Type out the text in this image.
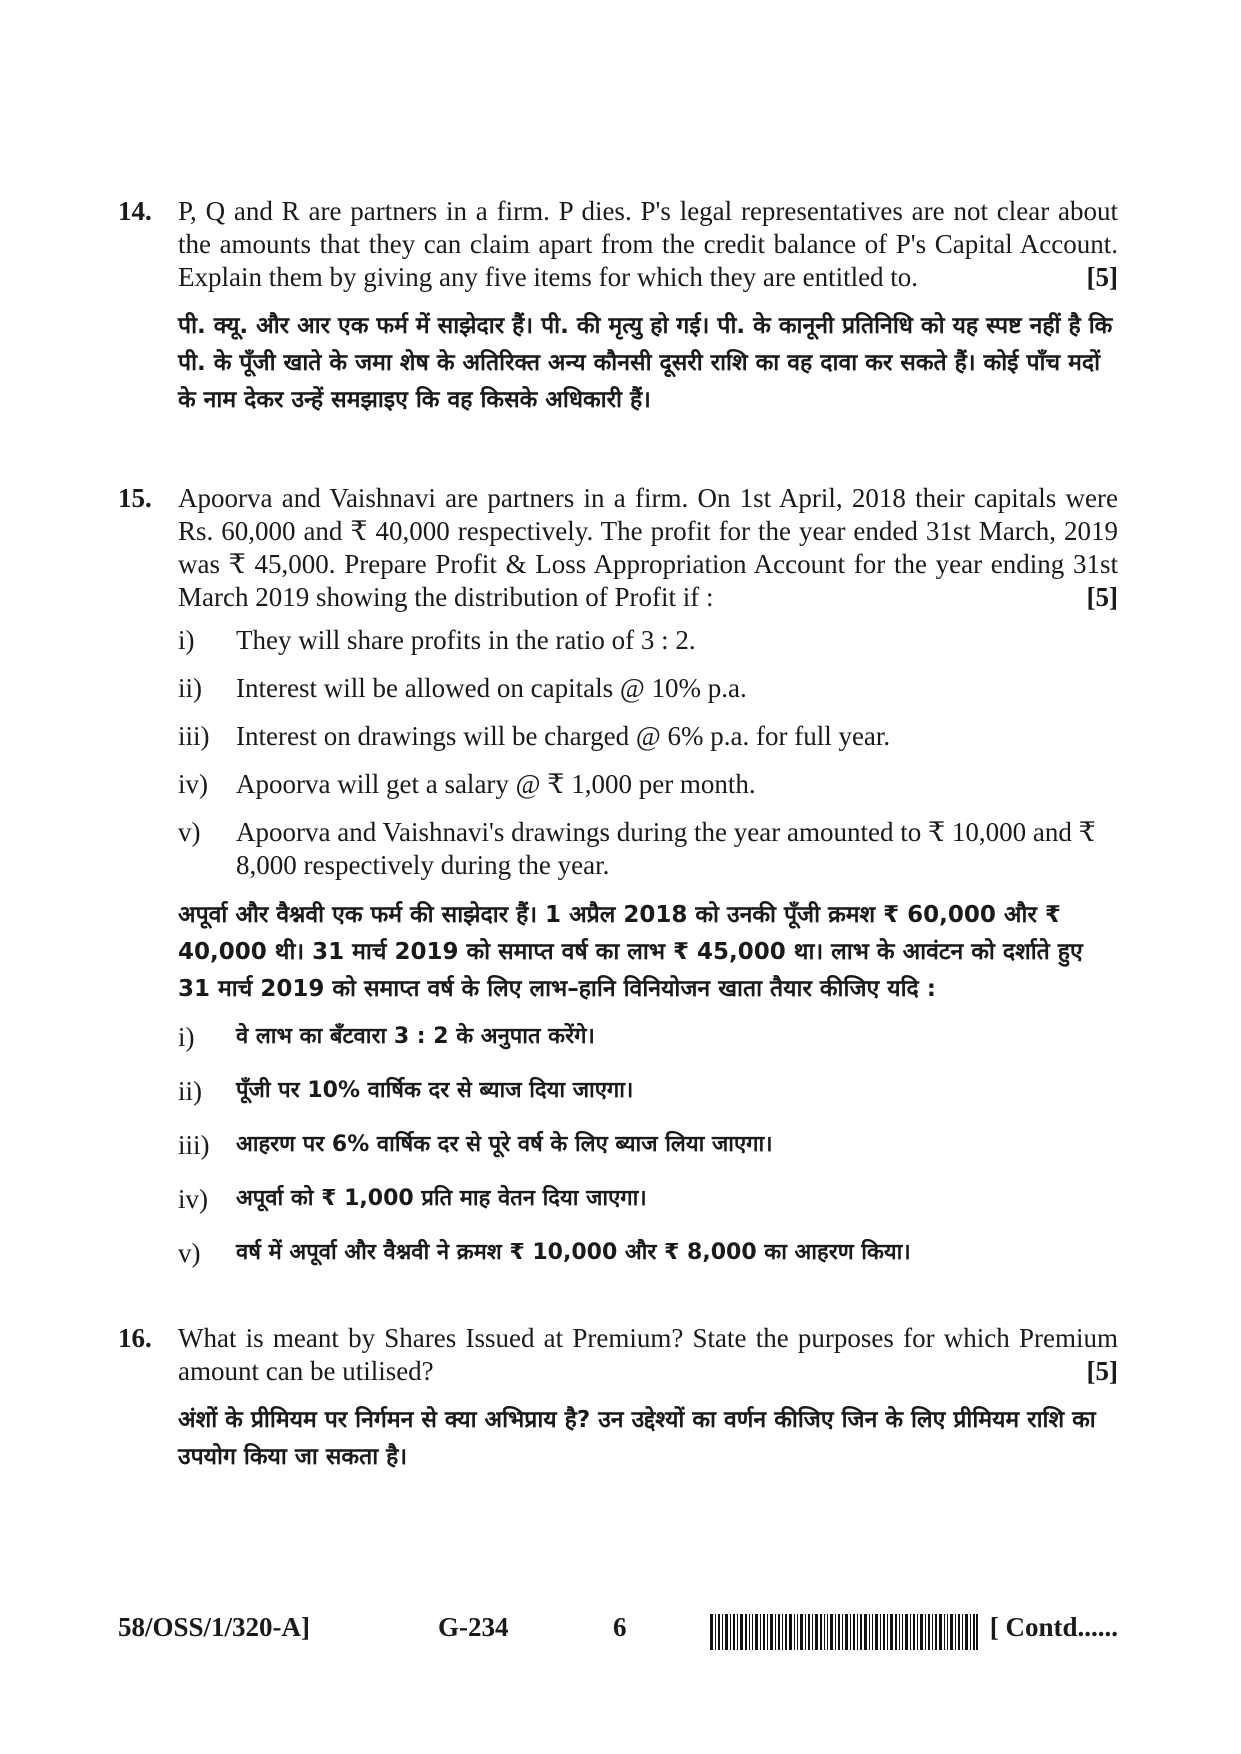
14. P, Q and R are partners in a firm. P dies. P's legal representatives are not clear about the amounts that they can claim apart from the credit balance of P's Capital Account. Explain them by giving any five items for which they are entitled to.	[5]

पी. क्यू. और आर एक फर्म में साझेदार हैं। पी. की मृत्यु हो गई। पी. के कानूनी प्रतिनिधि को यह स्पष्ट नहीं है कि पी. के पूँजी खाते के जमा शेष के अतिरिक्त अन्य कौनसी दूसरी राशि का वह दावा कर सकते हैं। कोई पाँच मदों के नाम देकर उन्हें समझाइए कि वह किसके अधिकारी हैं।

15. Apoorva and Vaishnavi are partners in a firm. On 1st April, 2018 their capitals were Rs. 60,000 and ₹ 40,000 respectively. The profit for the year ended 31st March, 2019 was ₹ 45,000. Prepare Profit & Loss Appropriation Account for the year ending 31st March 2019 showing the distribution of Profit if :	[5]

i)	They will share profits in the ratio of 3 : 2.
ii)	Interest will be allowed on capitals @ 10% p.a.
iii) Interest on drawings will be charged @ 6% p.a. for full year.
iv)	Apoorva will get a salary @ ₹ 1,000 per month.
v)	Apoorva and Vaishnavi's drawings during the year amounted to ₹ 10,000 and ₹ 8,000 respectively during the year.

अपूर्वा और वैश्नवी एक फर्म की साझेदार हैं। 1 अप्रैल 2018 को उनकी पूँजी क्रमश ₹ 60,000 और ₹ 40,000 थी। 31 मार्च 2019 को समाप्त वर्ष का लाभ ₹ 45,000 था। लाभ के आवंटन को दर्शाते हुए 31 मार्च 2019 को समाप्त वर्ष के लिए लाभ–हानि विनियोजन खाता तैयार कीजिए यदि :

i)	वे लाभ का बँटवारा 3 : 2 के अनुपात करेंगे।
ii)	पूँजी पर 10% वार्षिक दर से ब्याज दिया जाएगा।
iii)	आहरण पर 6% वार्षिक दर से पूरे वर्ष के लिए ब्याज लिया जाएगा।
iv)	अपूर्वा को ₹ 1,000 प्रति माह वेतन दिया जाएगा।
v)	वर्ष में अपूर्वा और वैश्नवी ने क्रमश ₹ 10,000 और ₹ 8,000 का आहरण किया।
16. What is meant by Shares Issued at Premium? State the purposes for which Premium amount can be utilised?	[5]

अंशों के प्रीमियम पर निर्गमन से क्या अभिप्राय है? उन उद्देश्यों का वर्णन कीजिए जिन के लिए प्रीमियम राशि का उपयोग किया जा सकता है।

58/OSS/1/320-A]	G-234	6	[ Contd......
